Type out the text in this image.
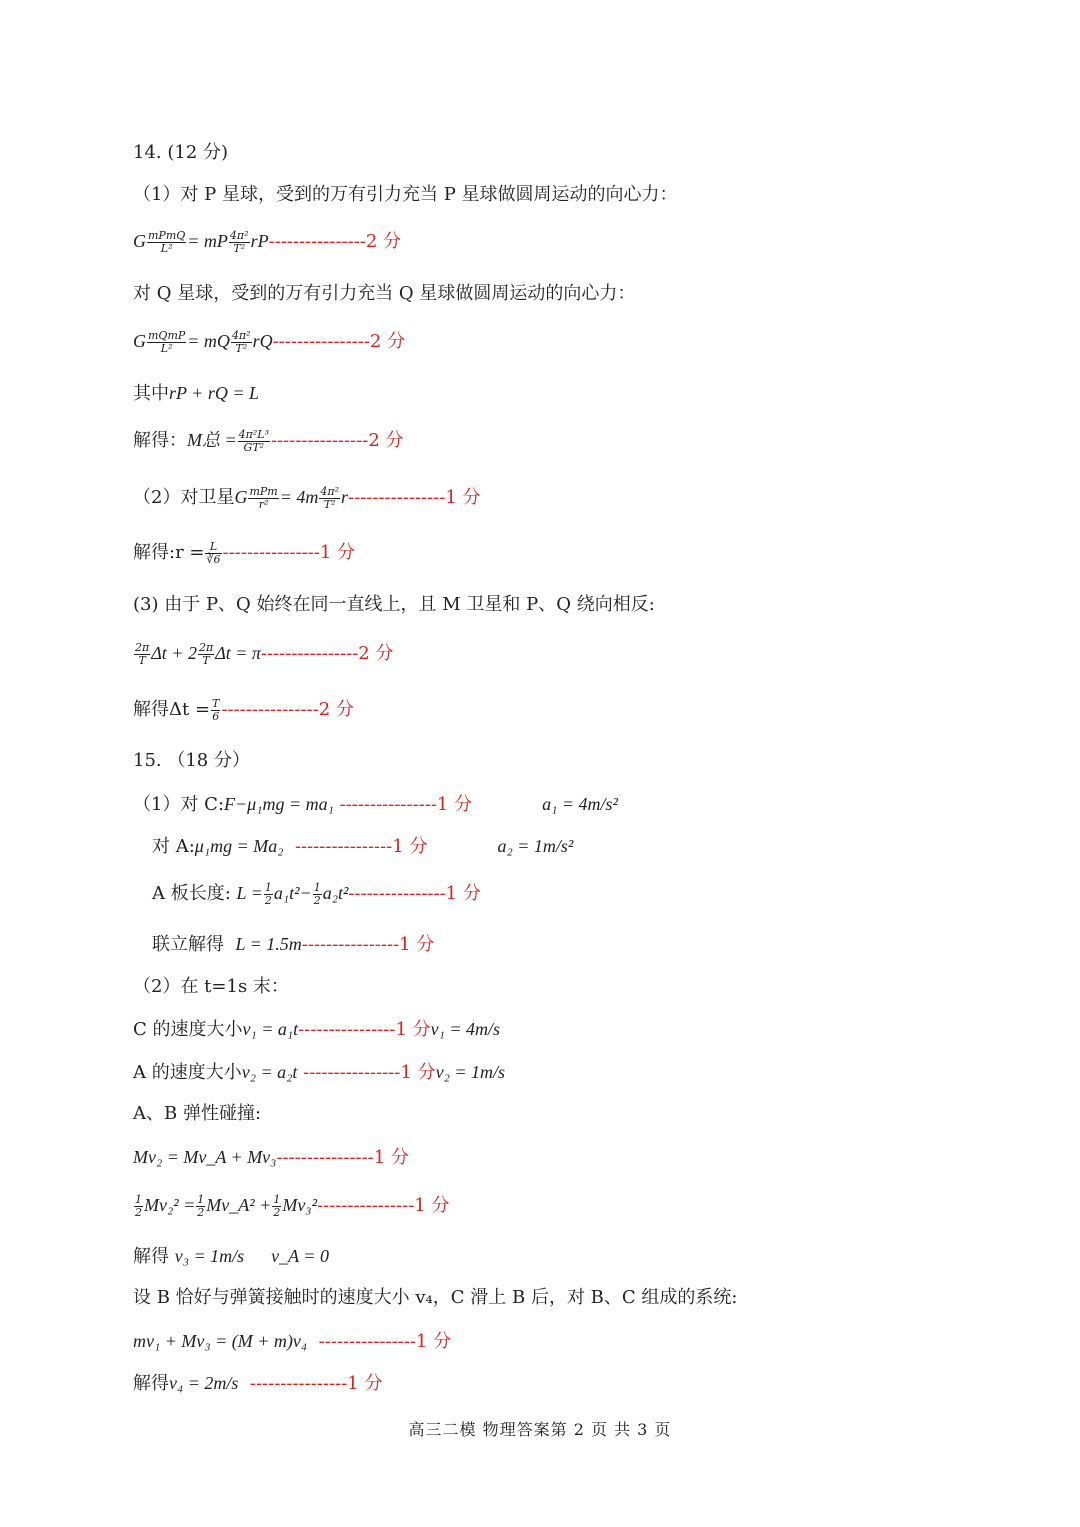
14. (12 分)
（1）对 P 星球，受到的万有引力充当 P 星球做圆周运动的向心力：
G $\frac{\text{mPmQ}}{\text{L²}}$ = mP $\frac{\text{4π²}}{\text{T²}} rP----------------2$ 分
对 Q 星球，受到的万有引力充当 Q 星球做圆周运动的向心力：
G $\frac{\text{mQmP}}{\text{L²}}$ = mQ $\frac{\text{4π²}}{\text{T²}} rQ----------------2$ 分
其中rP + rQ = L
解得：M总 = $\frac{\text{4π²L³}}{\text{GT²}} ----------------2$ 分
（2）对卫星G $\frac{\text{mPm}}{\text{r²}} = 4m \frac{\text{4π²}}{\text{T²}} r----------------1$ 分
解得:r = $\frac{L}{∛6} ----------------1$ 分
(3) 由于 P、Q 始终在同一直线上，且 M 卫星和 P、Q 绕向相反:
$\frac{2\pi}{T}$ $\Delta t + 2 \frac{2\pi}{T}$ Δt = π----------------2 分
解得$\Delta t = \frac{T}{6} ----------------2$ 分
15. （18 分）
（1）对 C:F−μ₁mg = ma₁ ----------------1 分	a₁ = 4m/s²
对 A:μ₁mg = Ma₂ ----------------1 分	a₂ = 1m/s²
A 板长度: $L = \frac{1}{2} a_1t^2- \frac{1}{2} a_2t^2----------------1$ 分
联立解得 L = 1.5m----------------1 分
（2）在 t=1s 末：
C 的速度大小v₁ = a₁t----------------1 分v₁ = 4m/s
A 的速度大小v₂ = a₂t ----------------1 分v₂ = 1m/s
A、B 弹性碰撞:
Mv₂ = Mv_A + Mv₃----------------1 分
$\frac{1}{2} Mv_2^2 = \frac{1}{2}$ Mv_A² + $\frac{1}{2} Mv_3^2----------------1$ 分
解得 v₃ = 1m/s      v_A = 0
设 B 恰好与弹簧接触时的速度大小 v₄，C 滑上 B 后，对 B、C 组成的系统:
mv₁ + Mv₃ = (M + m)v₄ ----------------1 分
解得v₄ = 2m/s ----------------1 分
高三二模 物理答案第 2 页 共 3 页
